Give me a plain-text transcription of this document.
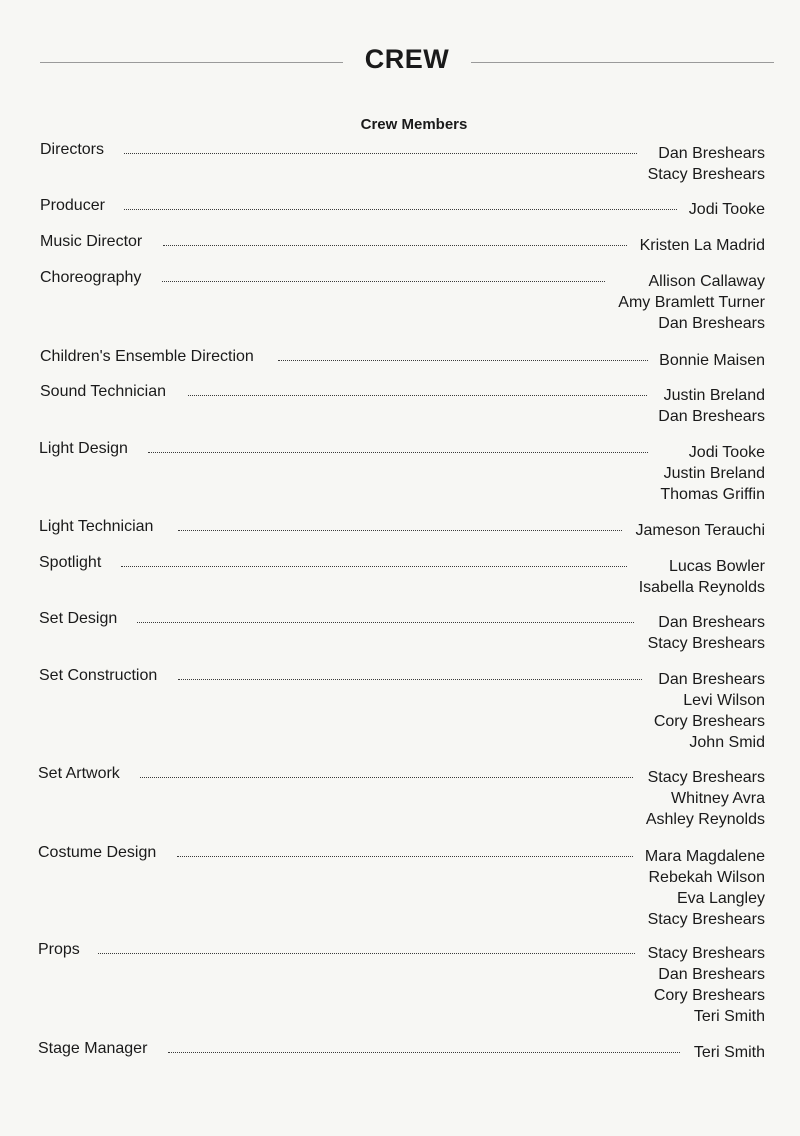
CREW
Crew Members
Directors	Dan Breshears
Stacy Breshears
Producer	Jodi Tooke
Music Director	Kristen La Madrid
Choreography	Allison Callaway
Amy Bramlett Turner
Dan Breshears
Children's Ensemble Direction	Bonnie Maisen
Sound Technician	Justin Breland
Dan Breshears
Light Design	Jodi Tooke
Justin Breland
Thomas Griffin
Light Technician	Jameson Terauchi
Spotlight	Lucas Bowler
Isabella Reynolds
Set Design	Dan Breshears
Stacy Breshears
Set Construction	Dan Breshears
Levi Wilson
Cory Breshears
John Smid
Set Artwork	Stacy Breshears
Whitney Avra
Ashley Reynolds
Costume Design	Mara Magdalene
Rebekah Wilson
Eva Langley
Stacy Breshears
Props	Stacy Breshears
Dan Breshears
Cory Breshears
Teri Smith
Stage Manager	Teri Smith
